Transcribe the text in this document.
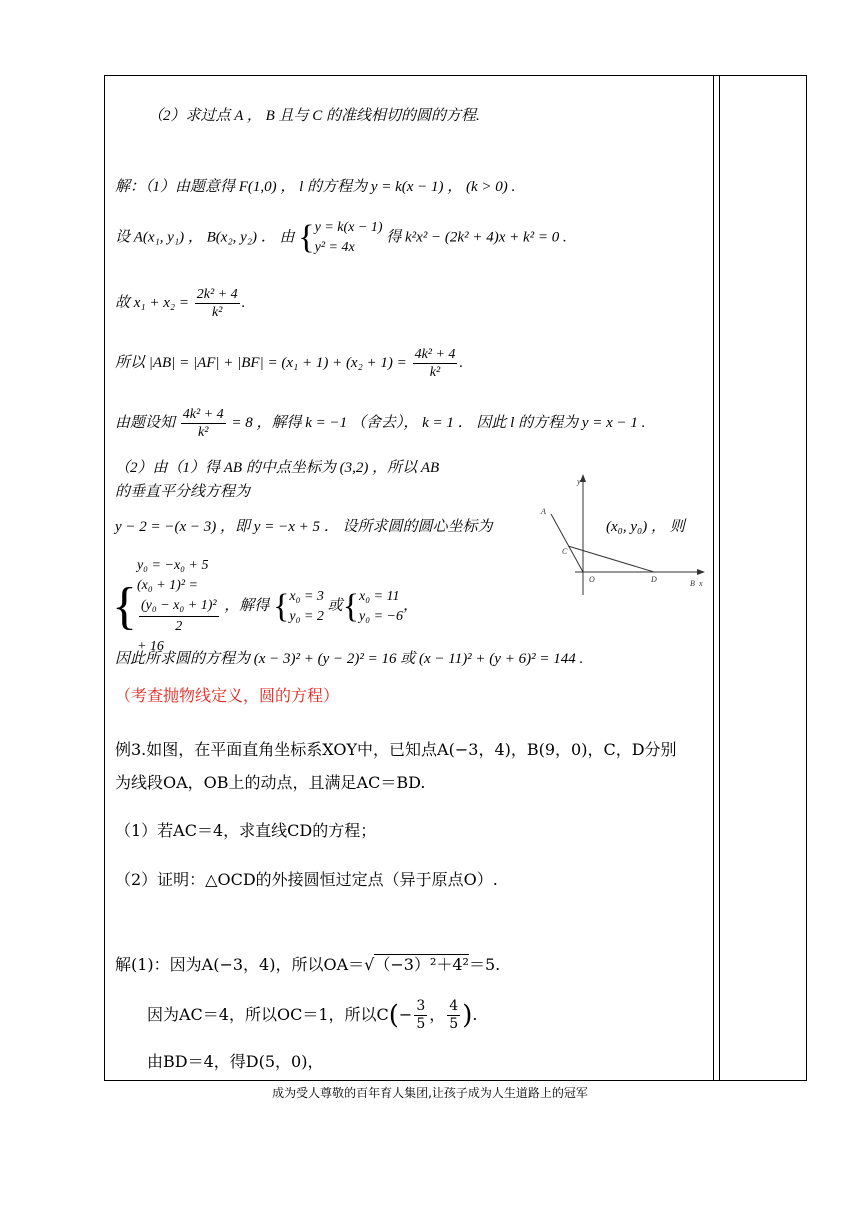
（2）求过点 A ， B 且与 C 的准线相切的圆的方程.
解：（1）由题意得 F(1,0) ， l 的方程为 y = k(x − 1) ， (k > 0) .
设 A(x₁, y₁) ， B(x₂, y₂) ． 由 { y = k(x − 1)
y² = 4x
得 k²x² − (2k² + 4)x + k² = 0 .
故 $x_1 + x_2 = \frac{\text{2k² + 4}}{\text{k²}}$ .
所以 $|AB| = |AF| + |BF| = (x_1 + 1) + (x_2 + 1) = \frac{\text{4k² + 4}}{\text{k²}}$ .
由题设知 $\frac{\text{4k² + 4}}{\text{k²}} = 8$ ，解得 k = −1 （舍去）， k = 1 ． 因此 l 的方程为 y = x − 1 .
（2）由（1）得 AB 的中点坐标为 (3,2) ，所以 AB
的垂直平分线方程为
y − 2 = −(x − 3) ，即 y = −x + 5 ． 设所求圆的圆心坐标为	(x₀, y₀) ， 则
{
y₀ = −x₀ + 5
(x₀ + 1)² =
(y₀ − x₀ + 1)²
2
+ 16
，解得 { x₀ = 3
y₀ = 2
或{ x₀ = 11
y₀ = −6
，
因此所求圆的方程为 (x − 3)² + (y − 2)² = 16 或 (x − 11)² + (y + 6)² = 144 .
（考查抛物线定义，圆的方程）
例3.如图，在平面直角坐标系XOY中，已知点A(−3，4)，B(9，0)，C，D分别
为线段OA，OB上的动点，且满足AC＝BD.
（1）若AC＝4，求直线CD的方程；
（2）证明：△OCD的外接圆恒过定点（异于原点O）.
解(1)：因为A(−3，4)，所以OA＝√（−3）²＋4²＝5.
因为AC＝4，所以OC＝1，所以$C(- \frac{3}{5}$ ， $\frac{4}{5}$ ).
由BD＝4，得D(5，0)，
y
A
C
O	D	B x
成为受人尊敬的百年育人集团,让孩子成为人生道路上的冠军
